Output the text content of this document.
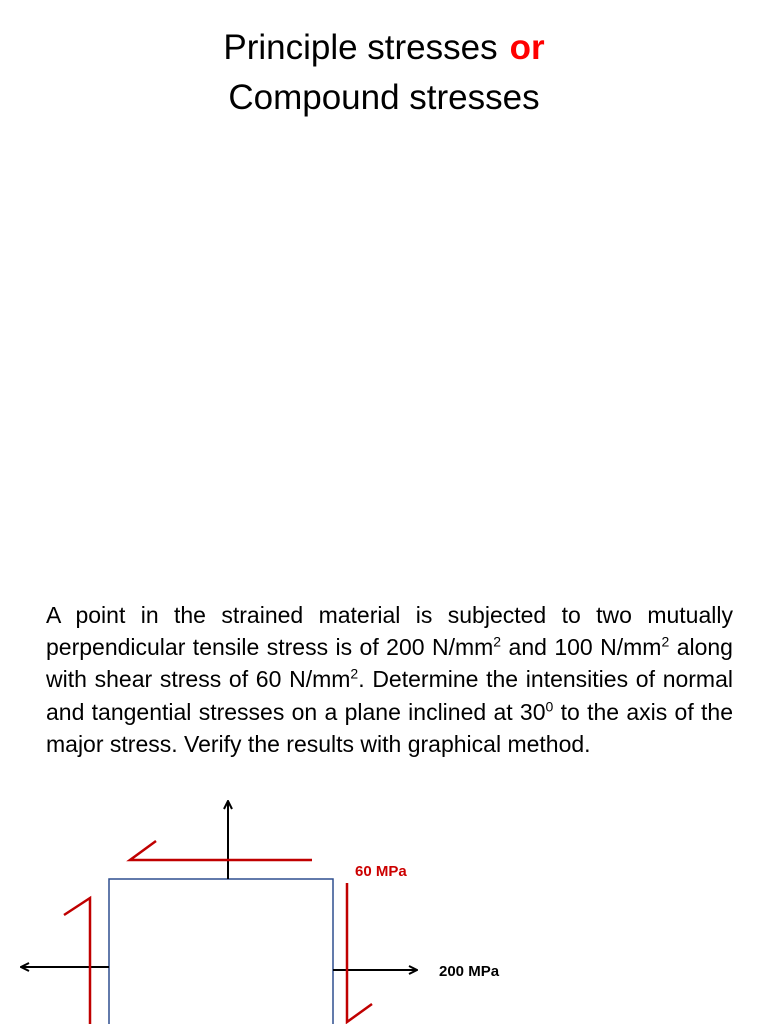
Principle stresses or
Compound stresses
A point in the strained material is subjected to two mutually perpendicular tensile stress is of 200 $N/mm^2$ and 100 $N/mm^2$ along with shear stress of 60 $N/mm^2$. Determine the intensities of normal and tangential stresses on a plane inclined at $30^0$ to the axis of the major stress. Verify the results with graphical method.
60 MPa
200 MPa
